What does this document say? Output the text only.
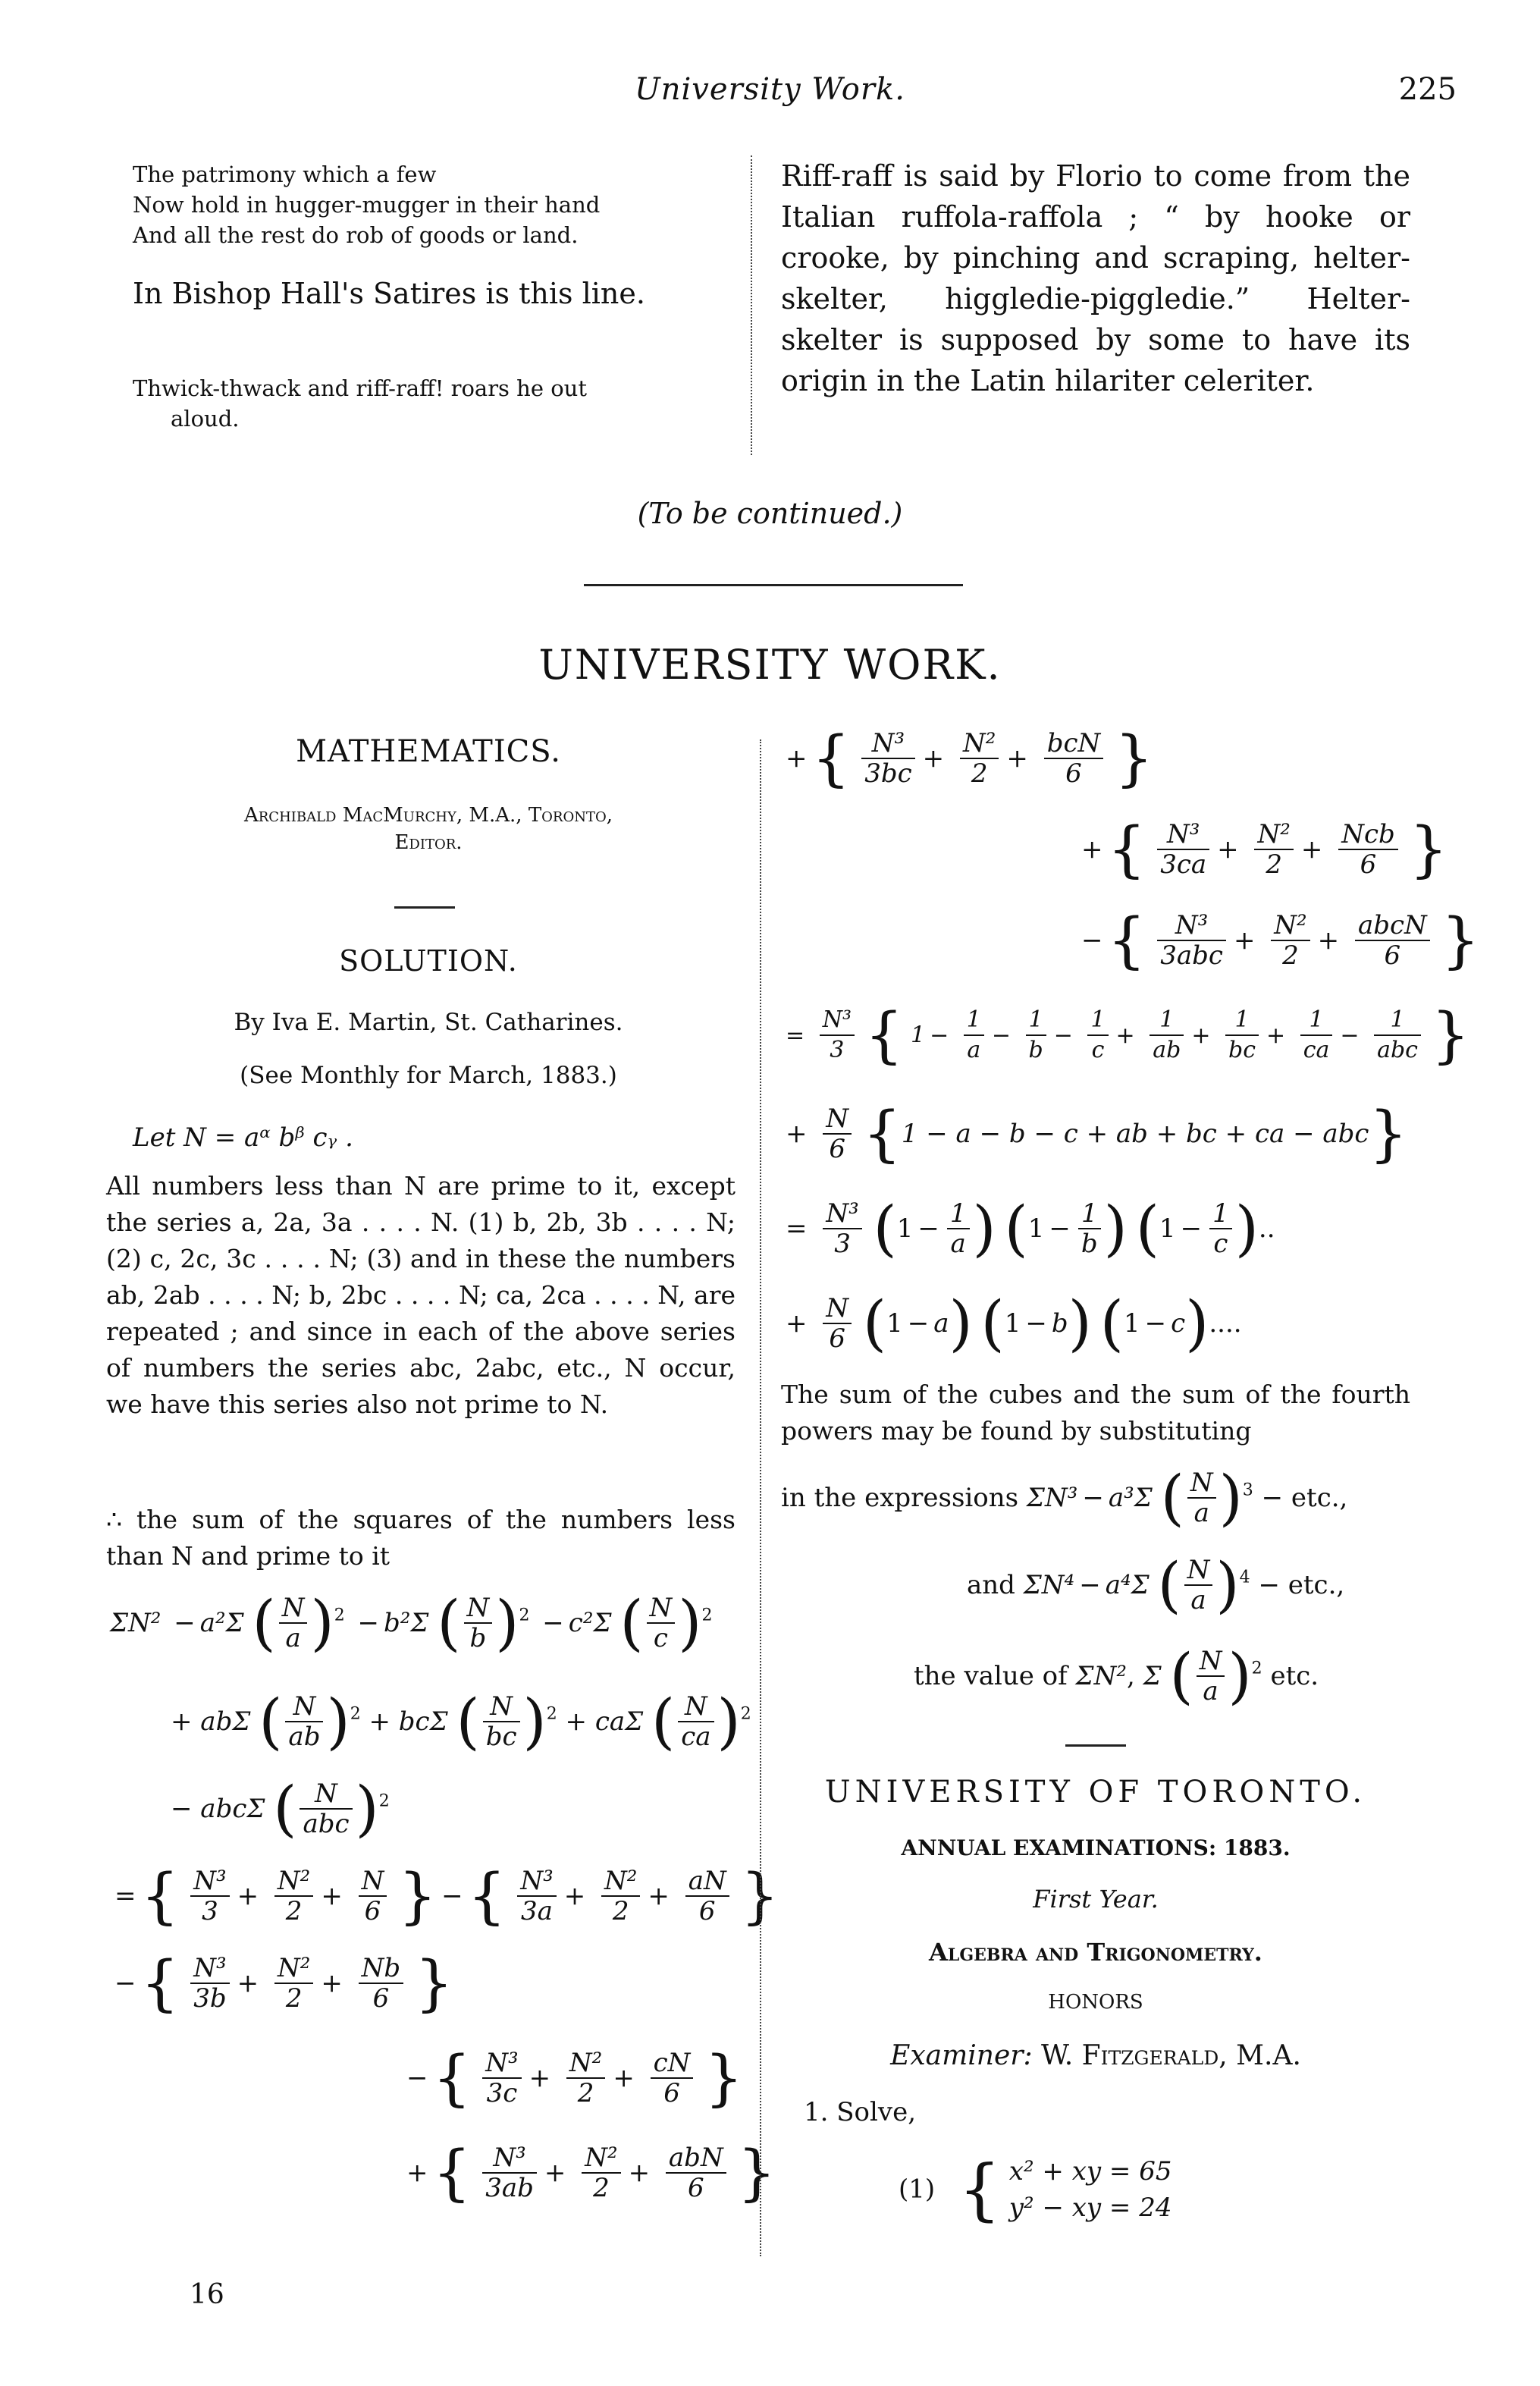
University Work.	225
The patrimony which a few
Now hold in hugger-mugger in their hand
And all the rest do rob of goods or land.
In Bishop Hall's Satires is this line.
Thwick-thwack and riff-raff! roars he out
aloud.
Riff-raff is said by Florio to come from the Italian ruffola-raffola ; “ by hooke or crooke, by pinching and scraping, helter-skelter, higgledie-piggledie.” Helter-skelter is supposed by some to have its origin in the Latin hilariter celeriter.
(To be continued.)
UNIVERSITY WORK.
MATHEMATICS.
Archibald MacMurchy, M.A., Toronto,
Editor.
SOLUTION.
By Iva E. Martin, St. Catharines.
(See Monthly for March, 1883.)
Let N = aᵅ bᵝ cᵧ .
All numbers less than N are prime to it, except the series a, 2a, 3a . . . . N. (1) b, 2b, 3b . . . . N; (2) c, 2c, 3c . . . . N; (3) and in these the numbers ab, 2ab . . . . N; b, 2bc . . . . N; ca, 2ca . . . . N, are repeated ; and since in each of the above series of numbers the series abc, 2abc, etc., N occur, we have this series also not prime to N.
∴ the sum of the squares of the numbers less than N and prime to it
ΣN² − a²Σ ( $\frac{N}{a} )^2 - b^2\Sigma$ ( $\frac{N}{b} )^2 - c^2\Sigma$ ( $\frac{N}{c} )^2$
+ abΣ ( $\frac{N}{ab} )^2 + bc\Sigma$ ( $\frac{N}{bc} )^2 + ca\Sigma$ ( $\frac{N}{ca} )^2$
− abcΣ ( $\frac{N}{\text{abc}} )^2$
={ $\frac{\text{N³}}{3} + \frac{\text{N²}}{2} + \frac{N}{6}$ } −{ $\frac{\text{N³}}{3a} + \frac{\text{N²}}{2} + \frac{aN}{6}$ }
−{ $\frac{\text{N³}}{3b} + \frac{\text{N²}}{2} + \frac{Nb}{6}$ }
−{ $\frac{\text{N³}}{3c} + \frac{\text{N²}}{2} + \frac{cN}{6}$ }
+{ $\frac{\text{N³}}{3ab} + \frac{\text{N²}}{2} + \frac{\text{abN}}{6}$ }
16
+{ $\frac{\text{N³}}{3bc} + \frac{\text{N²}}{2} + \frac{\text{bcN}}{6}$ }
+{ $\frac{\text{N³}}{3ca} + \frac{\text{N²}}{2} + \frac{\text{Ncb}}{6}$ }
−{ $\frac{\text{N³}}{\text{3abc}} + \frac{\text{N²}}{2} + \frac{\text{abcN}}{6}$ }
= $\frac{\text{N³}}{3}$ { $1 - \frac{1}{a} - \frac{1}{b} - \frac{1}{c} + \frac{1}{ab} + \frac{1}{bc} + \frac{1}{ca} - \frac{1}{\text{abc}}$ }
+ $\frac{N}{6} \{1 - a - b - c$ + ab + bc + ca − abc}
= $\frac{\text{N³}}{3} (1 - \frac{1}{a}$ ) ($1 - \frac{1}{b}$ ) ($1 - \frac{1}{c}$ )..
+ $\frac{N}{6} (1 - a) (1 - b) (1 - c)$....
The sum of the cubes and the sum of the fourth powers may be found by substituting
in the expressions ΣN³ − a³Σ ( $\frac{N}{a} )^3$ − etc.,
and ΣN⁴ − a⁴Σ ( $\frac{N}{a} )^4$ − etc.,
the value of ΣN², Σ ( $\frac{N}{a} )^2$ etc.
UNIVERSITY OF TORONTO.
ANNUAL EXAMINATIONS: 1883.
First Year.
Algebra and Trigonometry.
HONORS
Examiner: W. Fitzgerald, M.A.
1. Solve,
(1) { x² + xy = 65
y² − xy = 24
